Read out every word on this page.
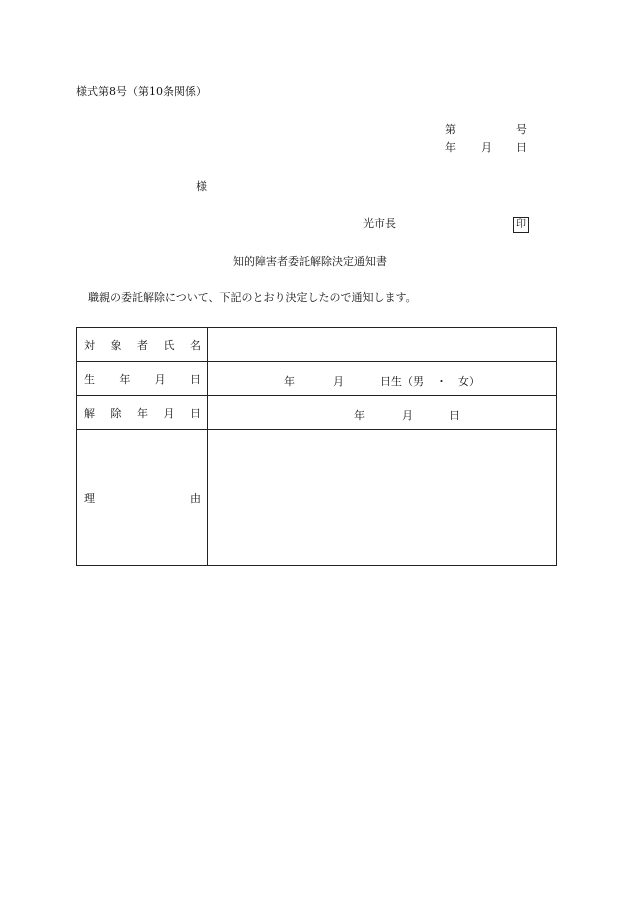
様式第8号（第10条関係）
第	号
年 月 日
様
光市長	印
知的障害者委託解除決定通知書
職親の委託解除について、下記のとおり決定したので通知します。
対 象 者 氏 名	

生 年 月 日	年 月 日生（男 ・ 女）

解 除 年 月 日	年 月 日

理 由	
